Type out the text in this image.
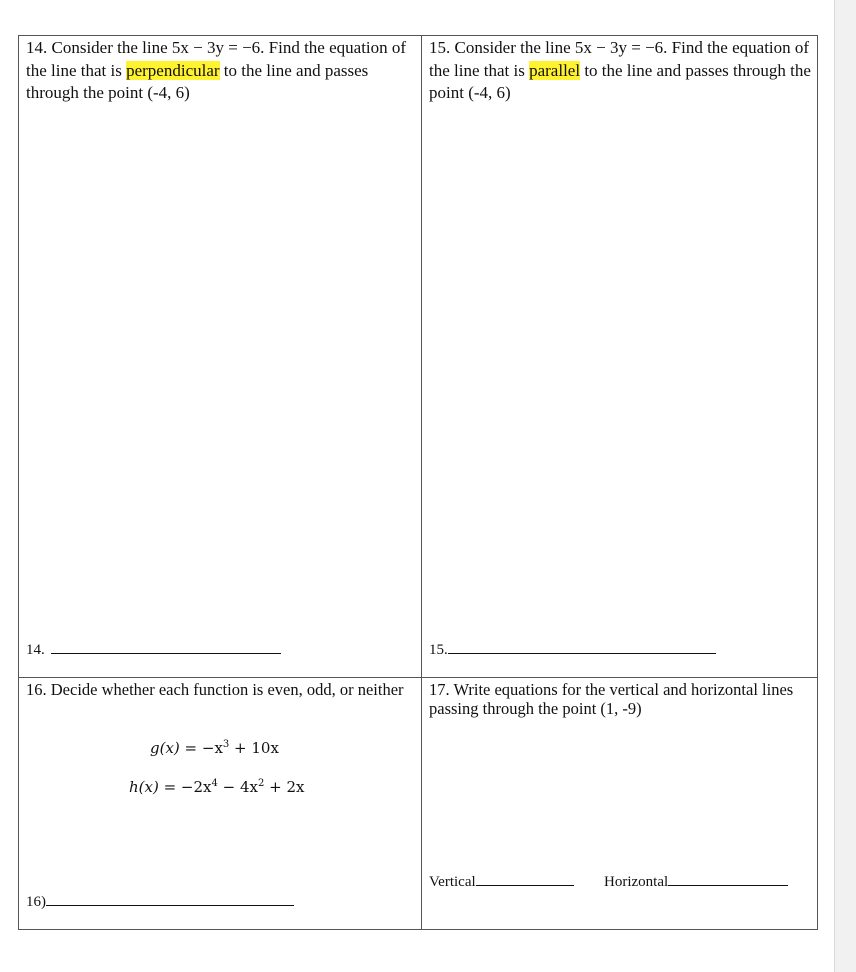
14. Consider the line 5x − 3y = −6. Find the equation of the line that is perpendicular to the line and passes through the point (-4, 6)

14.

15. Consider the line 5x − 3y = −6. Find the equation of the line that is parallel to the line and passes through the point (-4, 6)

15.

16. Decide whether each function is even, odd, or neither

$g(x) = -x^3 + 10x$
$h(x) = -2x^4 - 4x^2 + 2x$
16)

17. Write equations for the vertical and horizontal lines passing through the point (1, -9)

Vertical	Horizontal
